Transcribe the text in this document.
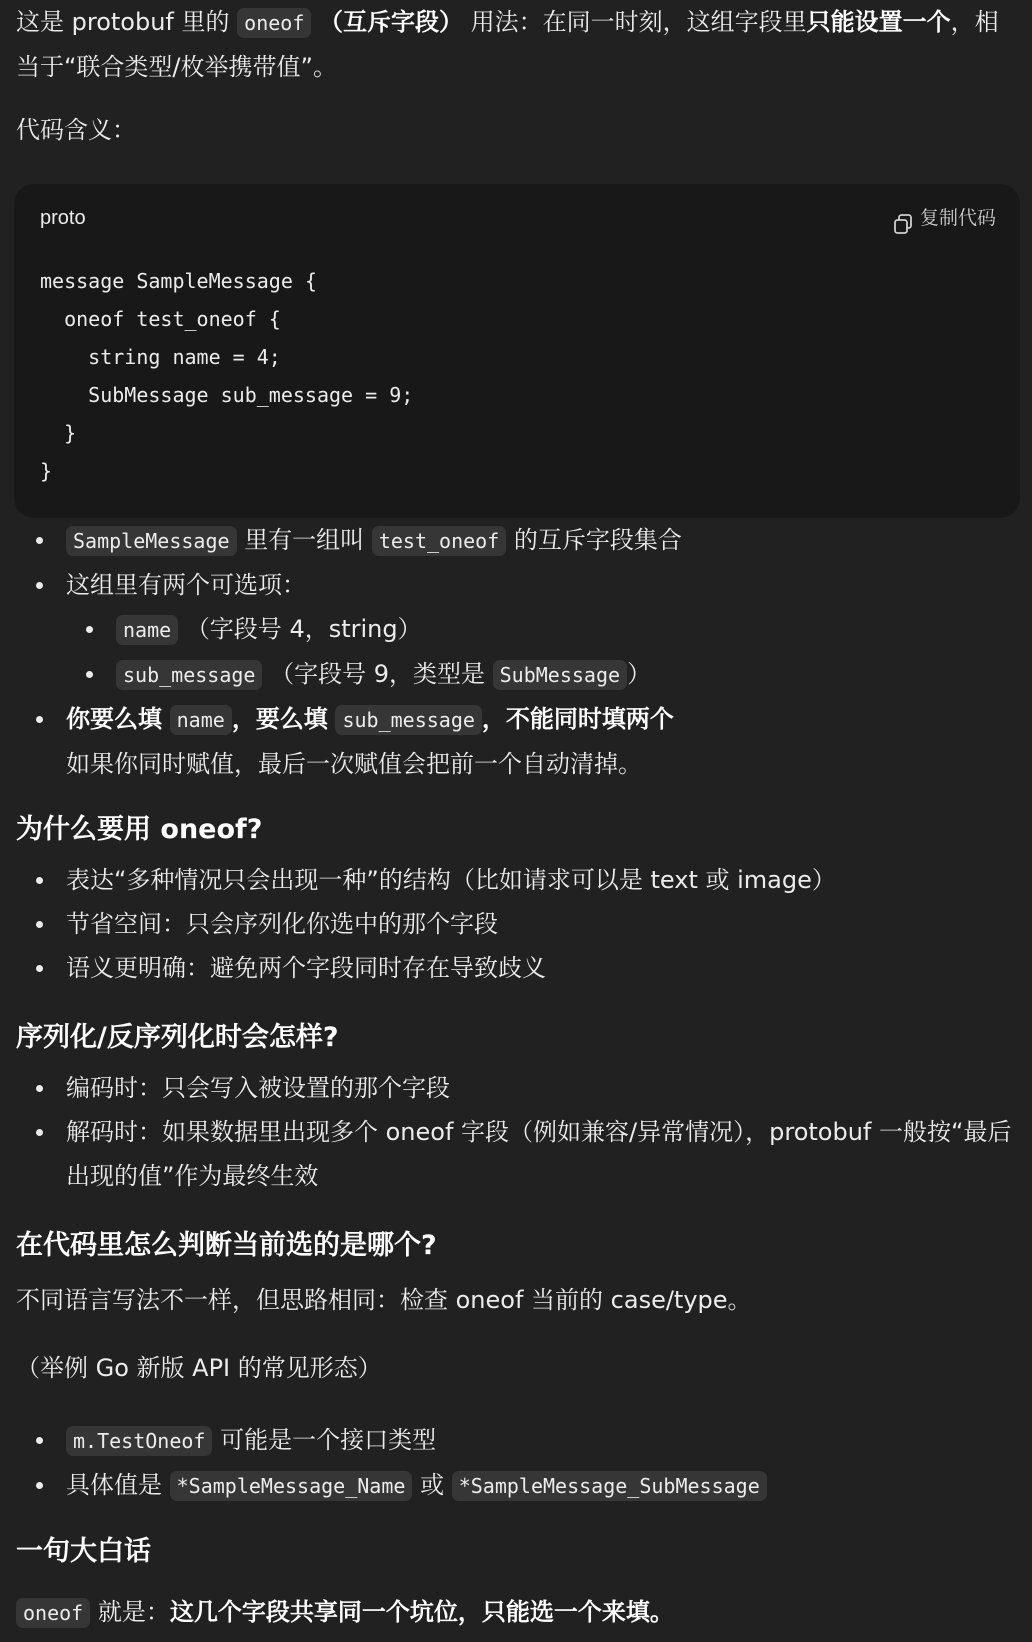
这是 protobuf 里的 oneof （互斥字段） 用法：在同一时刻，这组字段里只能设置一个，相当于“联合类型/枚举携带值”。

代码含义：

proto	复制代码
message SampleMessage {
oneof test_oneof {
string name = 4;
SubMessage sub_message = 9;
}
}
SampleMessage 里有一组叫 test_oneof 的互斥字段集合
这组里有两个可选项：
name （字段号 4，string）
sub_message （字段号 9，类型是 SubMessage ）
你要么填 name ，要么填 sub_message ，不能同时填两个
如果你同时赋值，最后一次赋值会把前一个自动清掉。
为什么要用 oneof?
表达“多种情况只会出现一种”的结构（比如请求可以是 text 或 image）
节省空间：只会序列化你选中的那个字段
语义更明确：避免两个字段同时存在导致歧义
序列化/反序列化时会怎样?
编码时：只会写入被设置的那个字段
解码时：如果数据里出现多个 oneof 字段（例如兼容/异常情况），protobuf 一般按“最后出现的值”作为最终生效
在代码里怎么判断当前选的是哪个?

不同语言写法不一样，但思路相同：检查 oneof 当前的 case/type。

（举例 Go 新版 API 的常见形态）

m.TestOneof 可能是一个接口类型
具体值是 *SampleMessage_Name 或 *SampleMessage_SubMessage
一句大白话

oneof 就是：这几个字段共享同一个坑位，只能选一个来填。
